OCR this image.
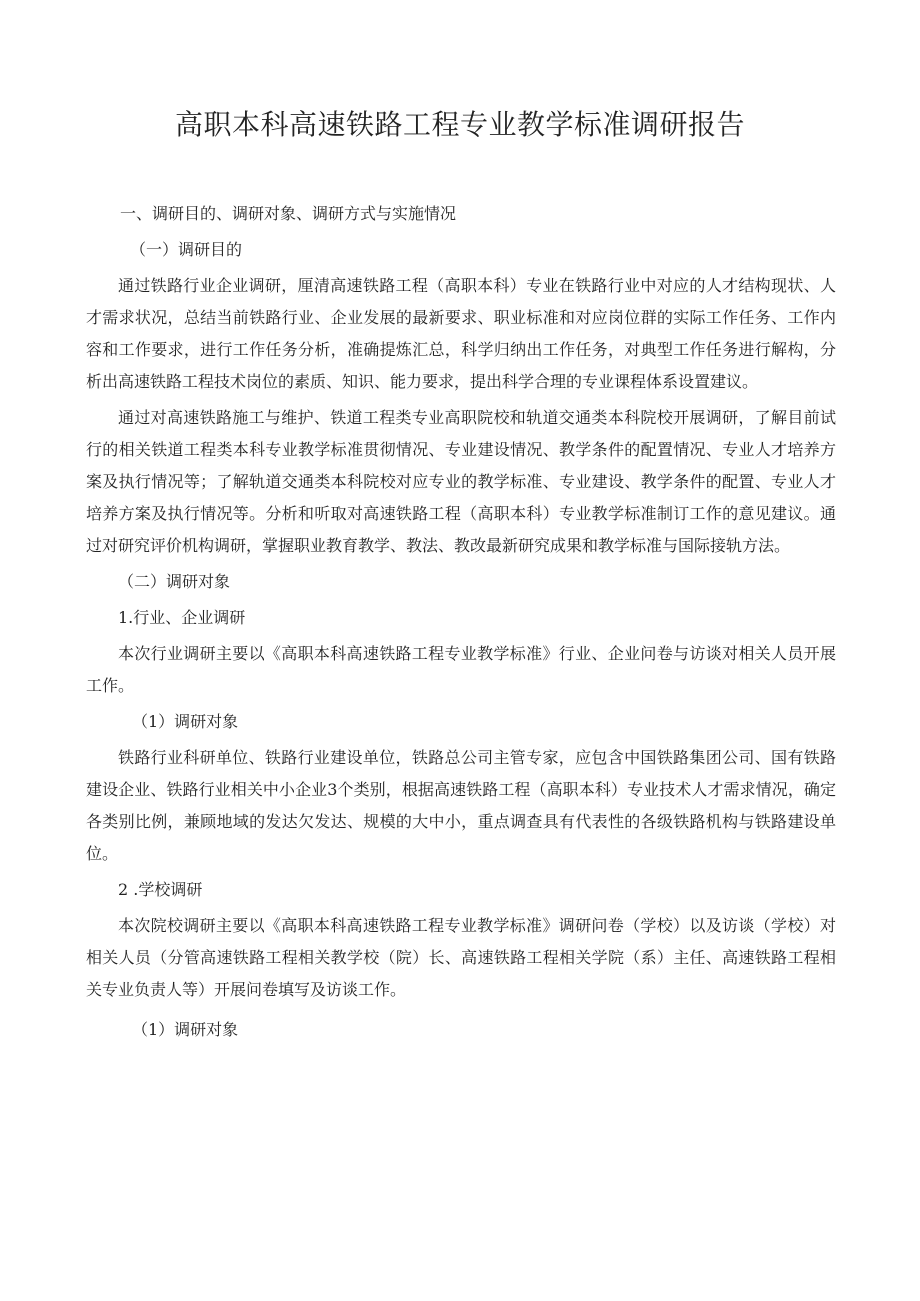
高职本科高速铁路工程专业教学标准调研报告

一、调研目的、调研对象、调研方式与实施情况

（一）调研目的

通过铁路行业企业调研，厘清高速铁路工程（高职本科）专业在铁路行业中对应的人才结构现状、人才需求状况，总结当前铁路行业、企业发展的最新要求、职业标准和对应岗位群的实际工作任务、工作内容和工作要求，进行工作任务分析，准确提炼汇总，科学归纳出工作任务，对典型工作任务进行解构，分析出高速铁路工程技术岗位的素质、知识、能力要求，提出科学合理的专业课程体系设置建议。

通过对高速铁路施工与维护、铁道工程类专业高职院校和轨道交通类本科院校开展调研，了解目前试行的相关铁道工程类本科专业教学标准贯彻情况、专业建设情况、教学条件的配置情况、专业人才培养方案及执行情况等；了解轨道交通类本科院校对应专业的教学标准、专业建设、教学条件的配置、专业人才培养方案及执行情况等。分析和听取对高速铁路工程（高职本科）专业教学标准制订工作的意见建议。通过对研究评价机构调研，掌握职业教育教学、教法、教改最新研究成果和教学标准与国际接轨方法。

（二）调研对象

1.行业、企业调研

本次行业调研主要以《高职本科高速铁路工程专业教学标准》行业、企业问卷与访谈对相关人员开展工作。

（1）调研对象

铁路行业科研单位、铁路行业建设单位，铁路总公司主管专家，应包含中国铁路集团公司、国有铁路建设企业、铁路行业相关中小企业3个类别，根据高速铁路工程（高职本科）专业技术人才需求情况，确定各类别比例，兼顾地域的发达欠发达、规模的大中小，重点调查具有代表性的各级铁路机构与铁路建设单位。

2 .学校调研

本次院校调研主要以《高职本科高速铁路工程专业教学标准》调研问卷（学校）以及访谈（学校）对相关人员（分管高速铁路工程相关教学校（院）长、高速铁路工程相关学院（系）主任、高速铁路工程相关专业负责人等）开展问卷填写及访谈工作。

（1）调研对象
